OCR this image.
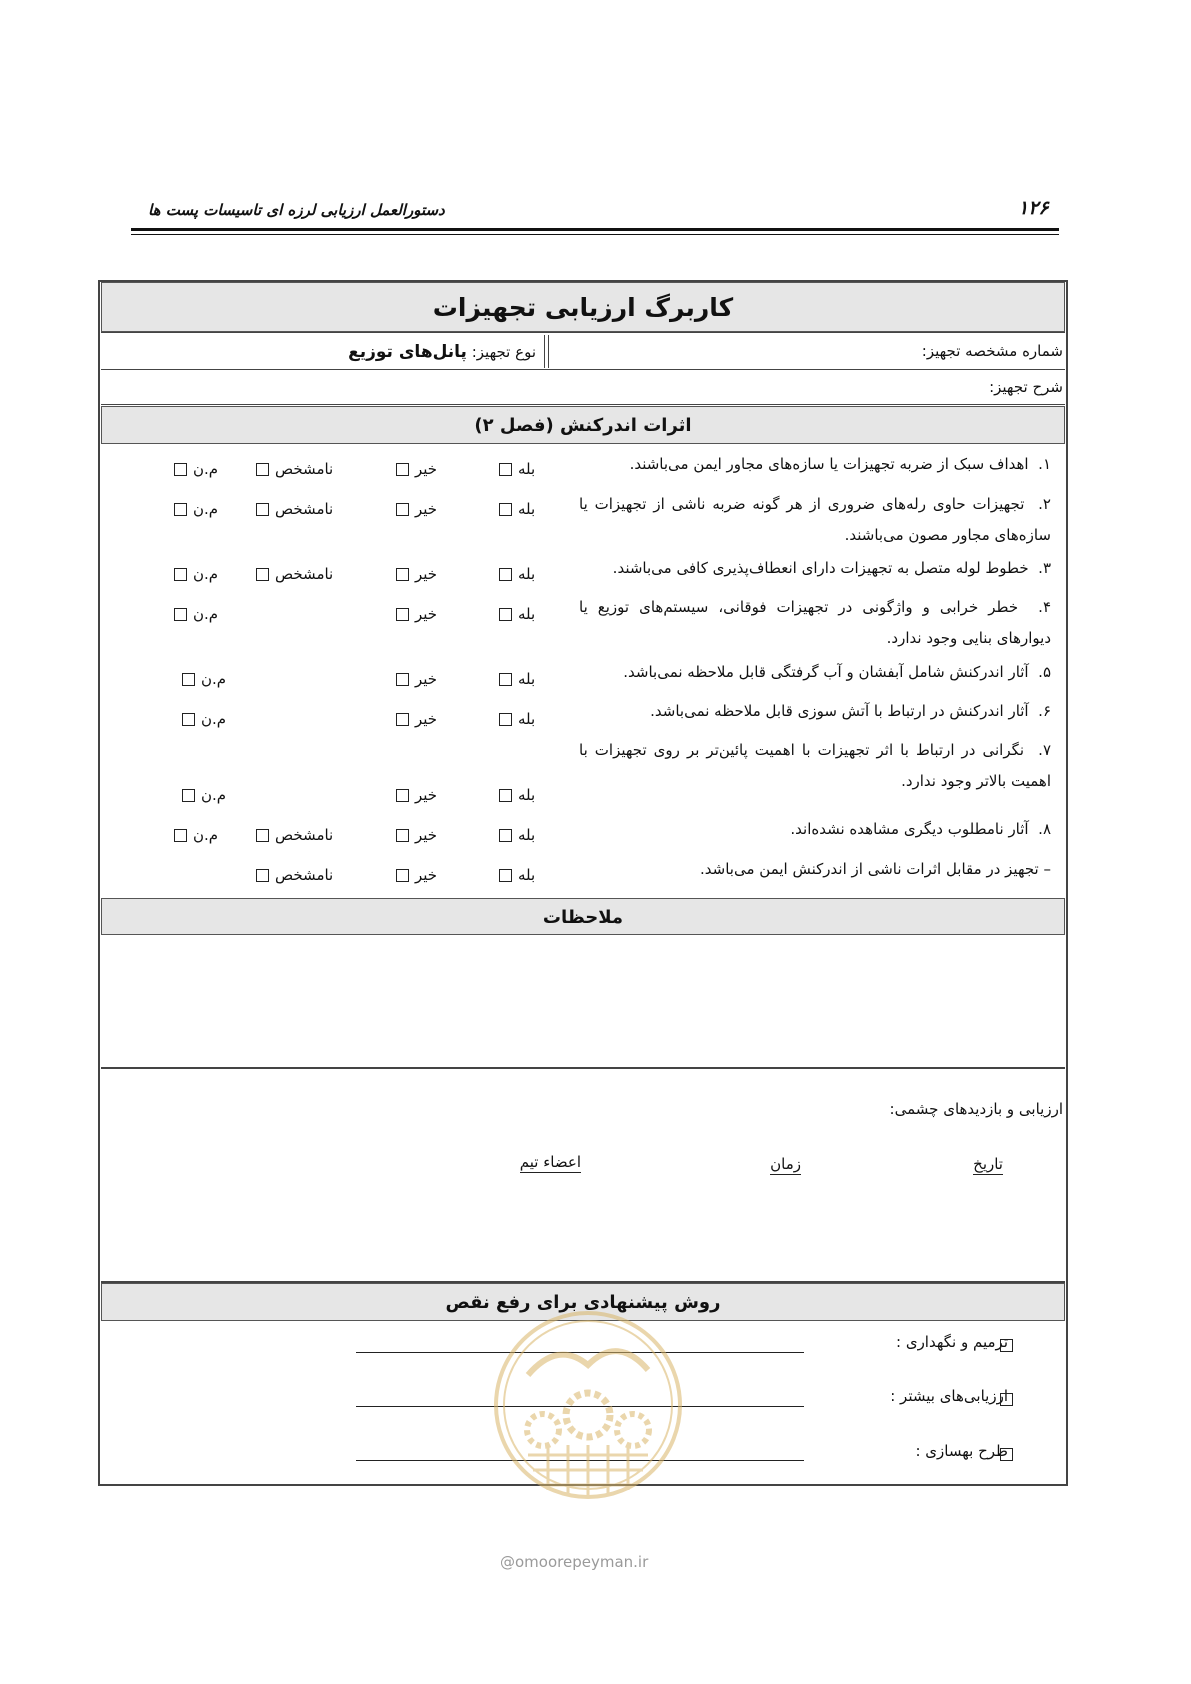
۱۲۶
دستورالعمل ارزیابی لرزه ای تاسیسات پست ها
کاربرگ ارزیابی تجهیزات
شماره مشخصه تجهیز:
نوع تجهیز: پانل‌های توزیع
شرح تجهیز:
اثرات اندرکنش (فصل ۲)
۱.  اهداف سبک از ضربه تجهیزات یا سازه‌های مجاور ایمن می‌باشند.
۲.  تجهیزات حاوی رله‌های ضروری از هر گونه ضربه ناشی از تجهیزات یا سازه‌های مجاور مصون می‌باشند.
۳.  خطوط لوله متصل به تجهیزات دارای انعطاف‌پذیری کافی می‌باشند.
۴.  خطر خرابی و واژگونی در تجهیزات فوقانی، سیستم‌های توزیع یا دیوارهای بنایی وجود ندارد.
۵.  آثار اندرکنش شامل آبفشان و آب گرفتگی قابل ملاحظه نمی‌باشد.
۶.  آثار اندرکنش در ارتباط با آتش سوزی قابل ملاحظه نمی‌باشد.
۷.  نگرانی در ارتباط با اثر تجهیزات با اهمیت پائین‌تر بر روی تجهیزات با اهمیت بالاتر وجود ندارد.
۸.  آثار نامطلوب دیگری مشاهده نشده‌اند.
– تجهیز در مقابل اثرات ناشی از اندرکنش ایمن می‌باشد.
بله
خیر
نامشخص
م.ن
بله
خیر
نامشخص
م.ن
بله
خیر
نامشخص
م.ن
بله
خیر
م.ن
بله
خیر
م.ن
بله
خیر
م.ن
بله
خیر
م.ن
بله
خیر
نامشخص
م.ن
بله
خیر
نامشخص
ملاحظات
ارزیابی و بازدیدهای چشمی:
تاریخ
زمان
اعضاء تیم
روش پیشنهادی برای رفع نقص
ترمیم و نگهداری :
ارزیابی‌های بیشتر :
طرح بهسازی :
@omoorepeyman.ir
